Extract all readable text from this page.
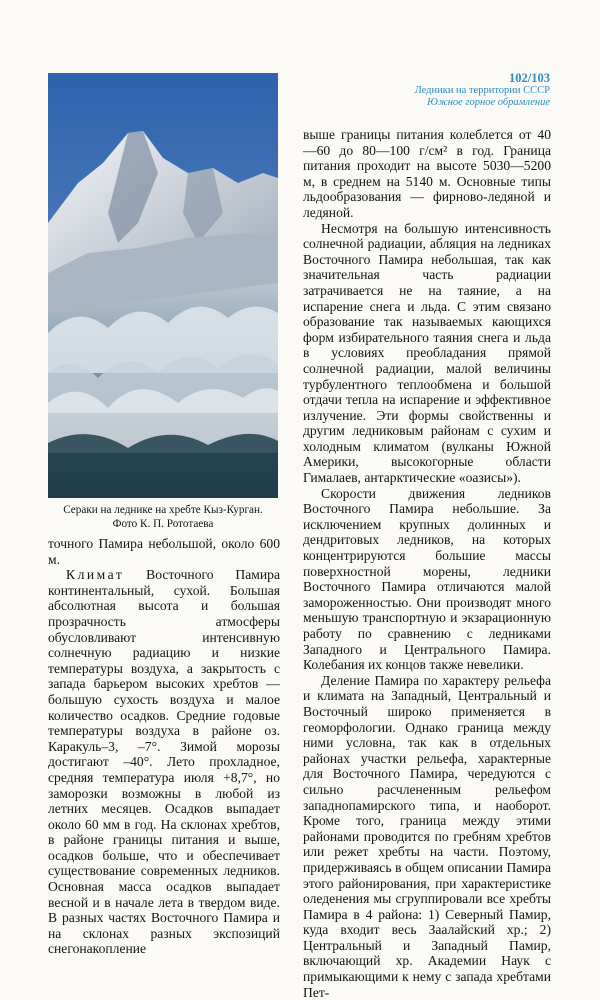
102/103
Ледники на территории СССР
Южное горное обрамление
Сераки на леднике на хребте Кыз-Курган.
Фото К. П. Рототаева

точного Памира небольшой, около 600 м.

Климат Восточного Памира континентальный, сухой. Большая абсолютная высота и большая прозрачность атмосферы обусловливают интенсивную солнечную радиацию и низкие температуры воздуха, а закрытость с запада барьером высоких хребтов — большую сухость воздуха и малое количество осадков. Средние годовые температуры воздуха в районе оз. Каракуль–3, –7°. Зимой морозы достигают –40°. Лето прохладное, средняя температура июля +8,7°, но заморозки возможны в любой из летних месяцев. Осадков выпадает около 60 мм в год. На склонах хребтов, в районе границы питания и выше, осадков больше, что и обеспечивает существование современных ледников. Основная масса осадков выпадает весной и в начале лета в твердом виде. В разных частях Восточного Памира и на склонах разных экспозиций снегонакопление

выше границы питания колеблется от 40—60 до 80—100 г/см² в год. Граница питания проходит на высоте 5030—5200 м, в среднем на 5140 м. Основные типы льдообразования — фирново-ледяной и ледяной.

Несмотря на большую интенсивность солнечной радиации, абляция на ледниках Восточного Памира небольшая, так как значительная часть радиации затрачивается не на таяние, а на испарение снега и льда. С этим связано образование так называемых кающихся форм избирательного таяния снега и льда в условиях преобладания прямой солнечной радиации, малой величины турбулентного теплообмена и большой отдачи тепла на испарение и эффективное излучение. Эти формы свойственны и другим ледниковым районам с сухим и холодным климатом (вулканы Южной Америки, высокогорные области Гималаев, антарктические «оазисы»).

Скорости движения ледников Восточного Памира небольшие. За исключением крупных долинных и дендритовых ледников, на которых концентрируются большие массы поверхностной морены, ледники Восточного Памира отличаются малой замороженностью. Они производят много меньшую транспортную и экзарационную работу по сравнению с ледниками Западного и Центрального Памира. Колебания их концов также невелики.

Деление Памира по характеру рельефа и климата на Западный, Центральный и Восточный широко применяется в геоморфологии. Однако граница между ними условна, так как в отдельных районах участки рельефа, характерные для Восточного Памира, чередуются с сильно расчлененным рельефом западнопамирского типа, и наоборот. Кроме того, граница между этими районами проводится по гребням хребтов или режет хребты на части. Поэтому, придерживаясь в общем описании Памира этого районирования, при характеристике оледенения мы сгруппировали все хребты Памира в 4 района: 1) Северный Памир, куда входит весь Заалайский хр.; 2) Центральный и Западный Памир, включающий хр. Академии Наук с примыкающими к нему с запада хребтами Пет-
